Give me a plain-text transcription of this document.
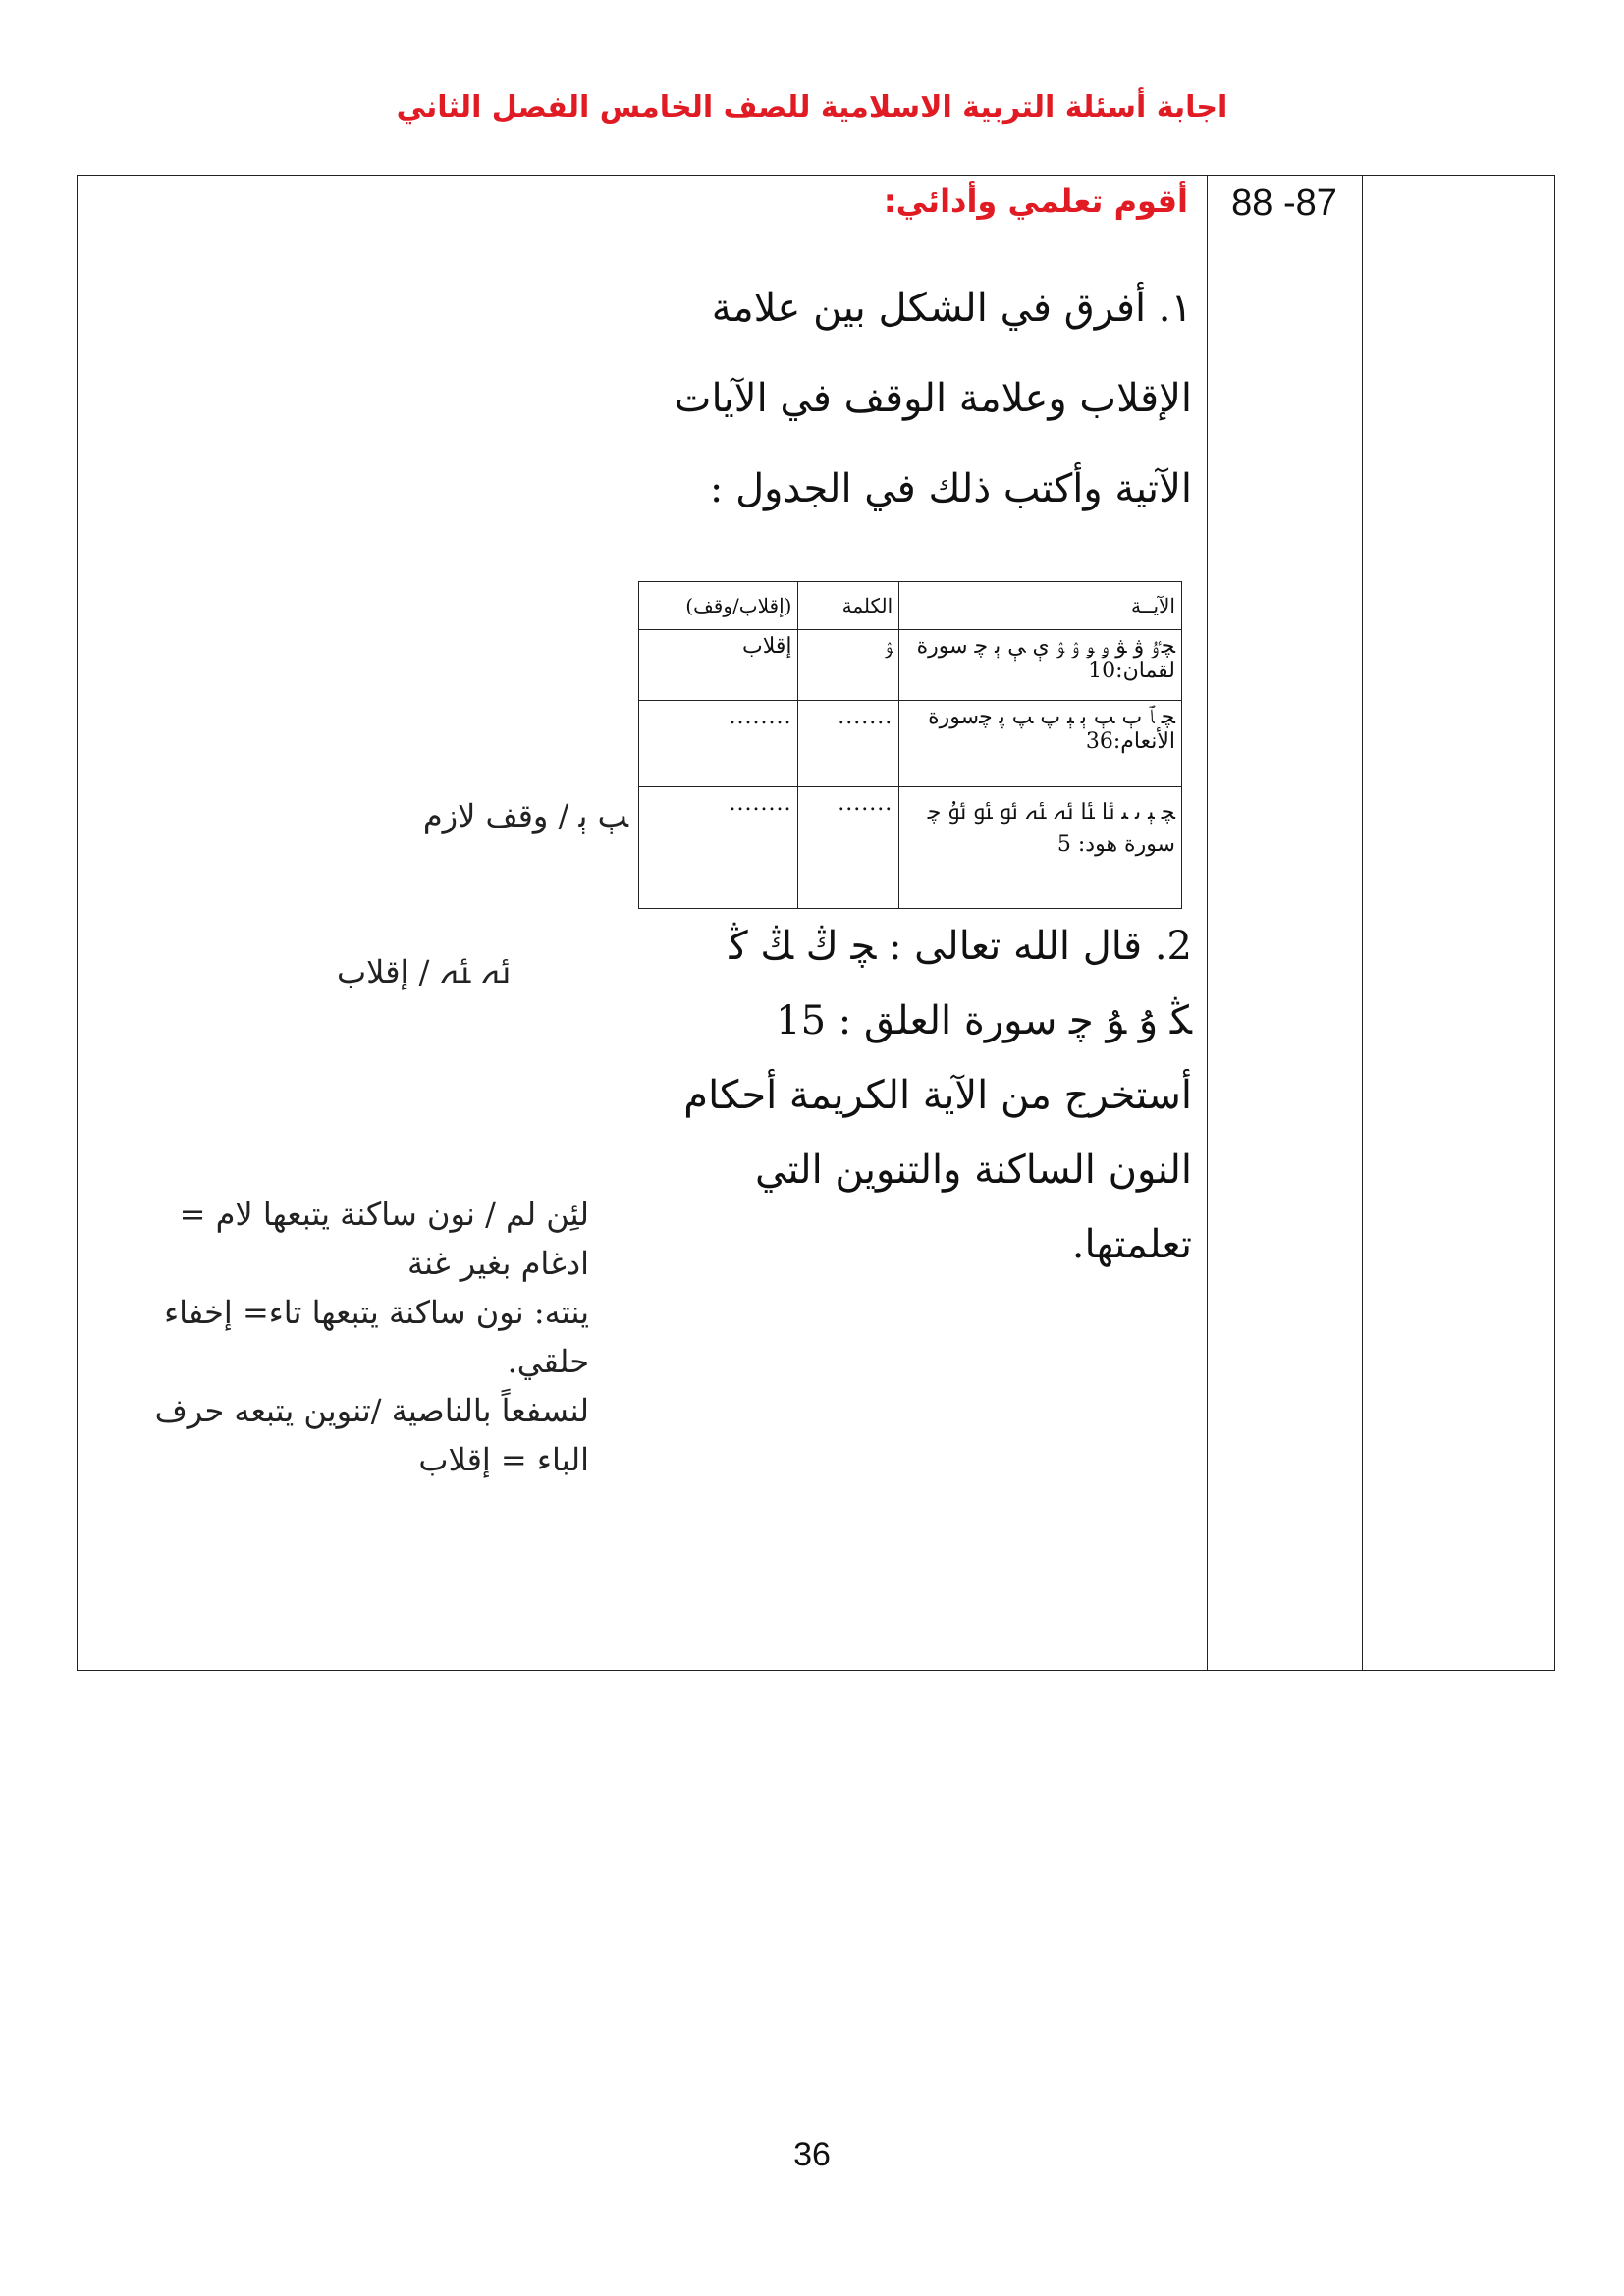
اجابة أسئلة التربية الاسلامية للصف الخامس الفصل الثاني
88 -87
أقوم تعلمي وأدائي:
١. أفرق في الشكل بين علامة
الإقلاب وعلامة الوقف في الآيات
الآتية وأكتب ذلك في الجدول :
الآيــة	الكلمة	(إقلاب/وقف)
ﭽﯝ ﯞ ﯟ ﯠ ﯡ ﯢ ﯣ ﯤ ﯥ ﯦ ﭼ سورة لقمان:10	ﯣ	إقلاب
ﭽ ﭑ ﭒ ﭓ ﭔ ﭕ ﭖ ﭗ ﭘ ﭼسورة الأنعام:36	.......	........
ﭽ ﯧ ﯨ ﯩ ﯪ ﯫ ﯬ ﯭ ﯮ ﯯ ﯰ ﭼ سورة هود: 5	.......	........
2. قال الله تعالى : ﭽ ﯓ ﯔ ﯕ
ﯖ ﯗ ﯘ ﭼ سورة العلق : 15
أستخرج من الآية الكريمة أحكام
النون الساكنة والتنوين التي تعلمتها.
ﭓ ﭔ / وقف لازم
ﯬ ﯭ / إقلاب
لئِن لم / نون ساكنة يتبعها لام =
ادغام بغير غنة
ينته: نون ساكنة يتبعها تاء= إخفاء
حلقي.
لنسفعاً بالناصية /تنوين يتبعه حرف
الباء = إقلاب
36
